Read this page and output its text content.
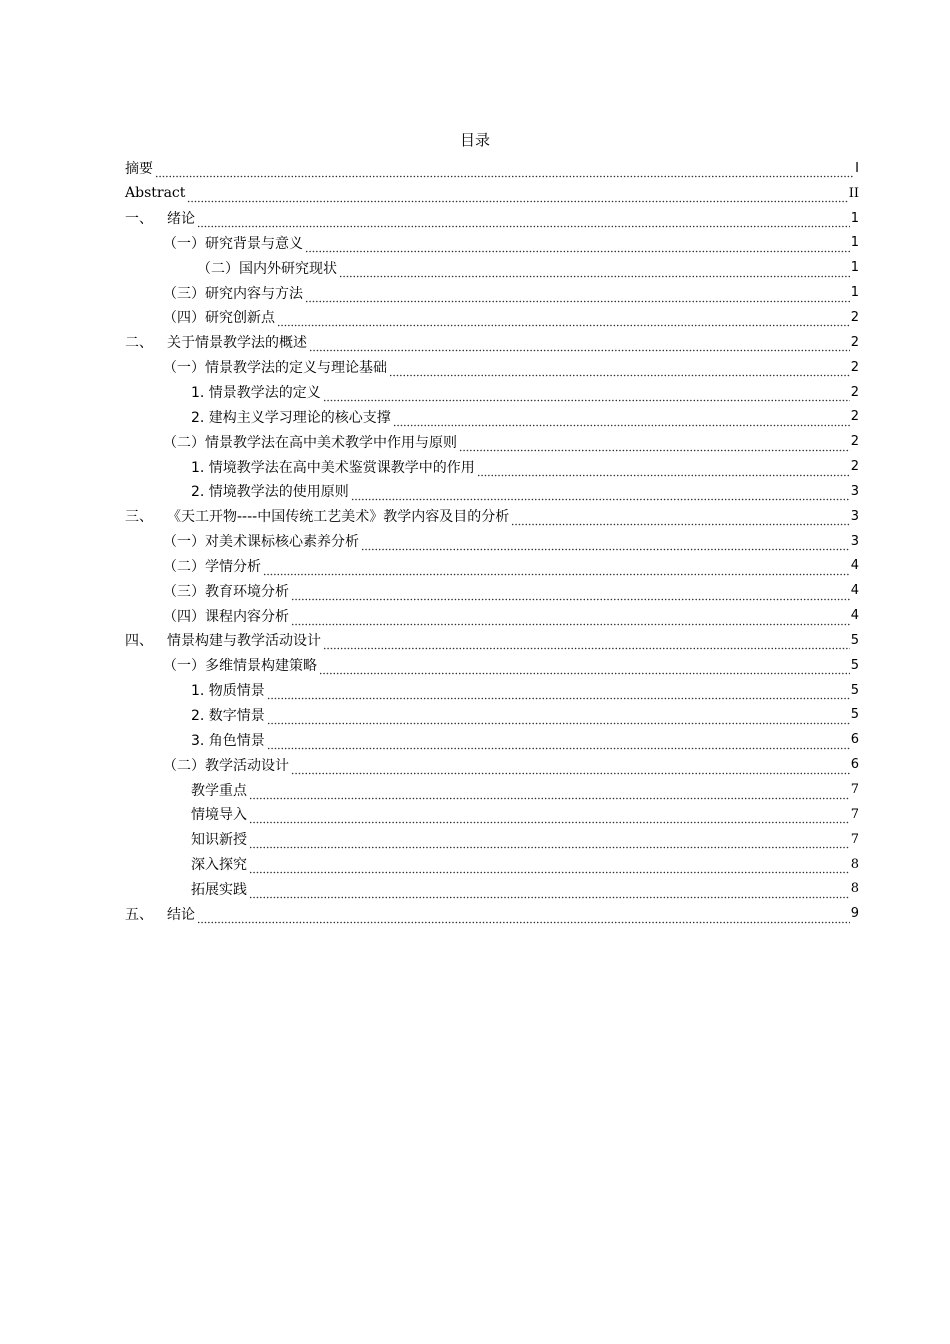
目录
摘要	I
Abstract	II
一、	绪论	1
（一）研究背景与意义	1
（二）国内外研究现状	1
（三）研究内容与方法	1
（四）研究创新点	2
二、	关于情景教学法的概述	2
（一）情景教学法的定义与理论基础	2
1. 情景教学法的定义	2
2. 建构主义学习理论的核心支撑	2
（二）情景教学法在高中美术教学中作用与原则	2
1. 情境教学法在高中美术鉴赏课教学中的作用	2
2. 情境教学法的使用原则	3
三、	《天工开物----中国传统工艺美术》教学内容及目的分析	3
（一）对美术课标核心素养分析	3
（二）学情分析	4
（三）教育环境分析	4
（四）课程内容分析	4
四、	情景构建与教学活动设计	5
（一）多维情景构建策略	5
1. 物质情景	5
2. 数字情景	5
3. 角色情景	6
（二）教学活动设计	6
教学重点	7
情境导入	7
知识新授	7
深入探究	8
拓展实践	8
五、	结论	9
